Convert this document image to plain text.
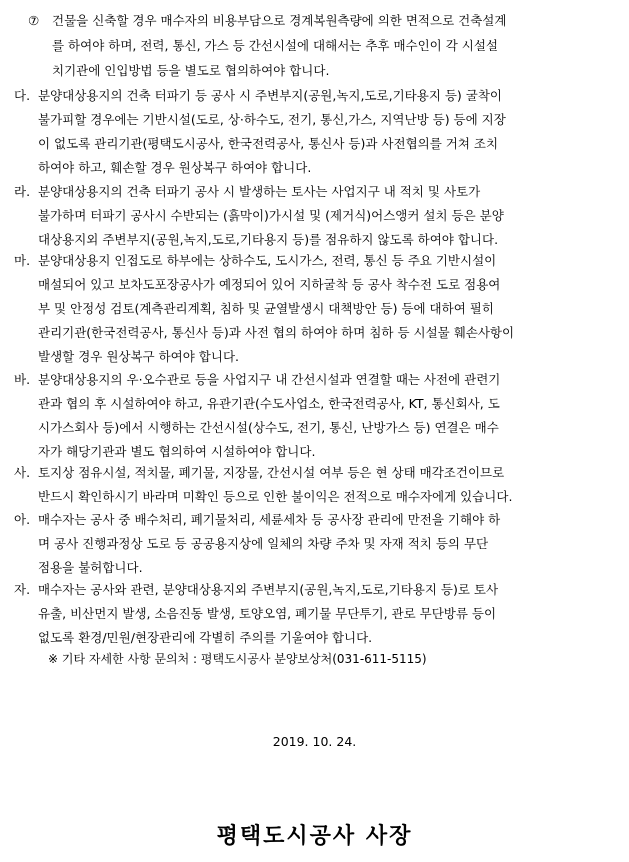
⑦ 건물을 신축할 경우 매수자의 비용부담으로 경계복원측량에 의한 면적으로 건축설계
를 하여야 하며, 전력, 통신, 가스 등 간선시설에 대해서는 추후 매수인이 각 시설설
치기관에 인입방법 등을 별도로 협의하여야 합니다.
다. 분양대상용지의 건축 터파기 등 공사 시 주변부지(공원,녹지,도로,기타용지 등) 굴착이
불가피할 경우에는 기반시설(도로, 상·하수도, 전기, 통신,가스, 지역난방 등) 등에 지장
이 없도록 관리기관(평택도시공사, 한국전력공사, 통신사 등)과 사전협의를 거쳐 조치
하여야 하고, 훼손할 경우 원상복구 하여야 합니다.
라. 분양대상용지의 건축 터파기 공사 시 발생하는 토사는 사업지구 내 적치 및 사토가
불가하며 터파기 공사시 수반되는 (흙막이)가시설 및 (제거식)어스앵커 설치 등은 분양
대상용지외 주변부지(공원,녹지,도로,기타용지 등)를 점유하지 않도록 하여야 합니다.
마. 분양대상용지 인접도로 하부에는 상하수도, 도시가스, 전력, 통신 등 주요 기반시설이
매설되어 있고 보차도포장공사가 예정되어 있어 지하굴착 등 공사 착수전 도로 점용여
부 및 안정성 검토(계측관리계획, 침하 및 균열발생시 대책방안 등) 등에 대하여 필히
관리기관(한국전력공사, 통신사 등)과 사전 협의 하여야 하며 침하 등 시설물 훼손사항이
발생할 경우 원상복구 하여야 합니다.
바. 분양대상용지의 우·오수관로 등을 사업지구 내 간선시설과 연결할 때는 사전에 관련기
관과 협의 후 시설하여야 하고, 유관기관(수도사업소, 한국전력공사, KT, 통신회사, 도
시가스회사 등)에서 시행하는 간선시설(상수도, 전기, 통신, 난방가스 등) 연결은 매수
자가 해당기관과 별도 협의하여 시설하여야 합니다.
사. 토지상 점유시설, 적치물, 폐기물, 지장물, 간선시설 여부 등은 현 상태 매각조건이므로
반드시 확인하시기 바라며 미확인 등으로 인한 불이익은 전적으로 매수자에게 있습니다.
아. 매수자는 공사 중 배수처리, 폐기물처리, 세륜세차 등 공사장 관리에 만전을 기해야 하
며 공사 진행과정상 도로 등 공공용지상에 일체의 차량 주차 및 자재 적치 등의 무단
점용을 불허합니다.
자. 매수자는 공사와 관련, 분양대상용지외 주변부지(공원,녹지,도로,기타용지 등)로 토사
유출, 비산먼지 발생, 소음진동 발생, 토양오염, 폐기물 무단투기, 관로 무단방류 등이
없도록 환경/민원/현장관리에 각별히 주의를 기울여야 합니다.
※ 기타 자세한 사항 문의처 : 평택도시공사 분양보상처(031-611-5115)
2019. 10. 24.
평택도시공사 사장
